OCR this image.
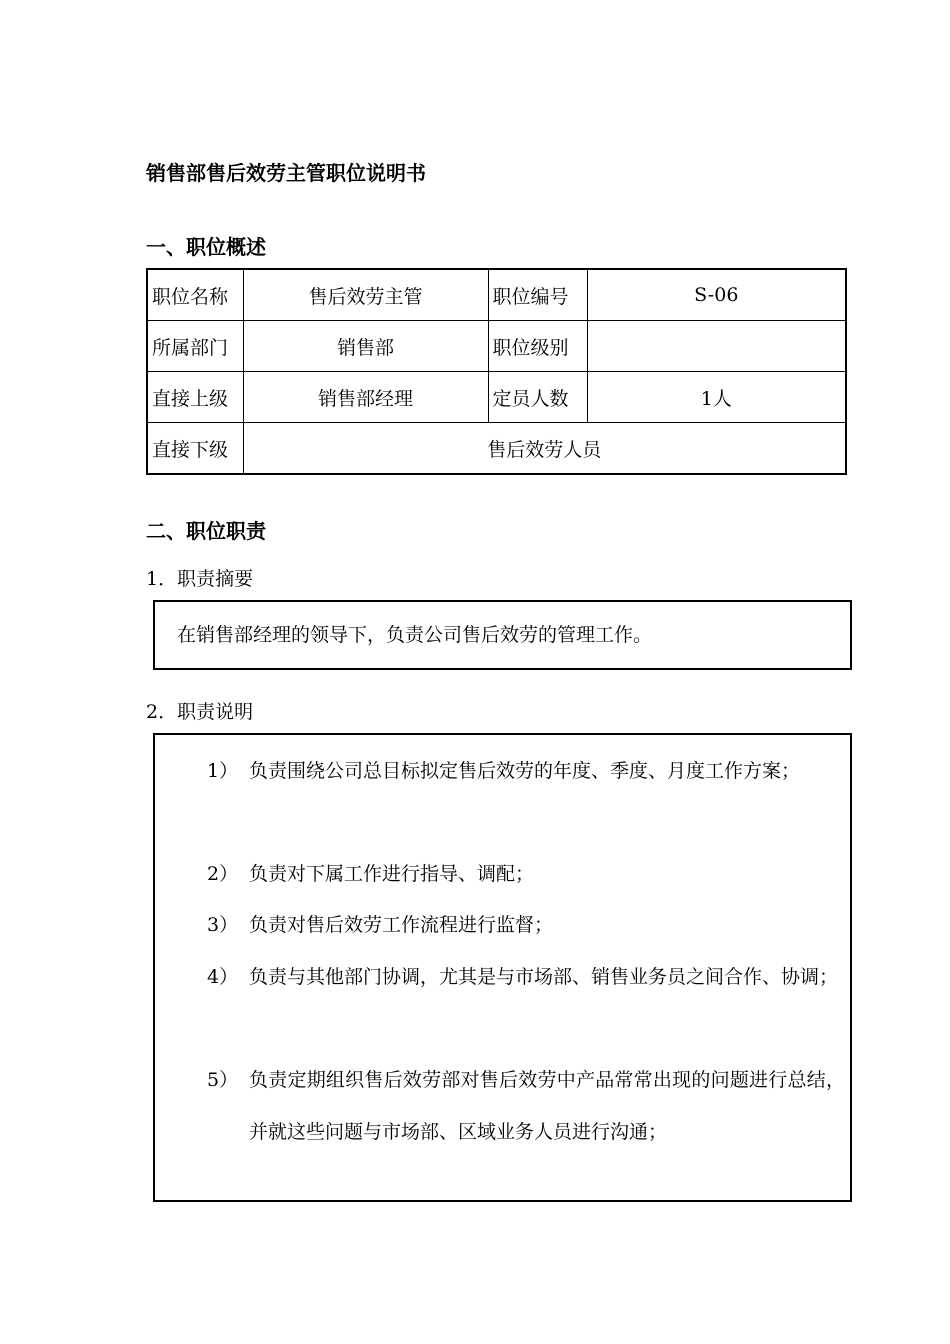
销售部售后效劳主管职位说明书
一、职位概述
职位名称	售后效劳主管	职位编号	S-06
所属部门	销售部	职位级别	
直接上级	销售部经理	定员人数	1人
直接下级	售后效劳人员		
二、职位职责
1．职责摘要
在销售部经理的领导下，负责公司售后效劳的管理工作。
2．职责说明
1） 负责围绕公司总目标拟定售后效劳的年度、季度、月度工作方案；
2） 负责对下属工作进行指导、调配；
3） 负责对售后效劳工作流程进行监督；
4） 负责与其他部门协调，尤其是与市场部、销售业务员之间合作、协调；
5） 负责定期组织售后效劳部对售后效劳中产品常常出现的问题进行总结，并就这些问题与市场部、区域业务人员进行沟通；
